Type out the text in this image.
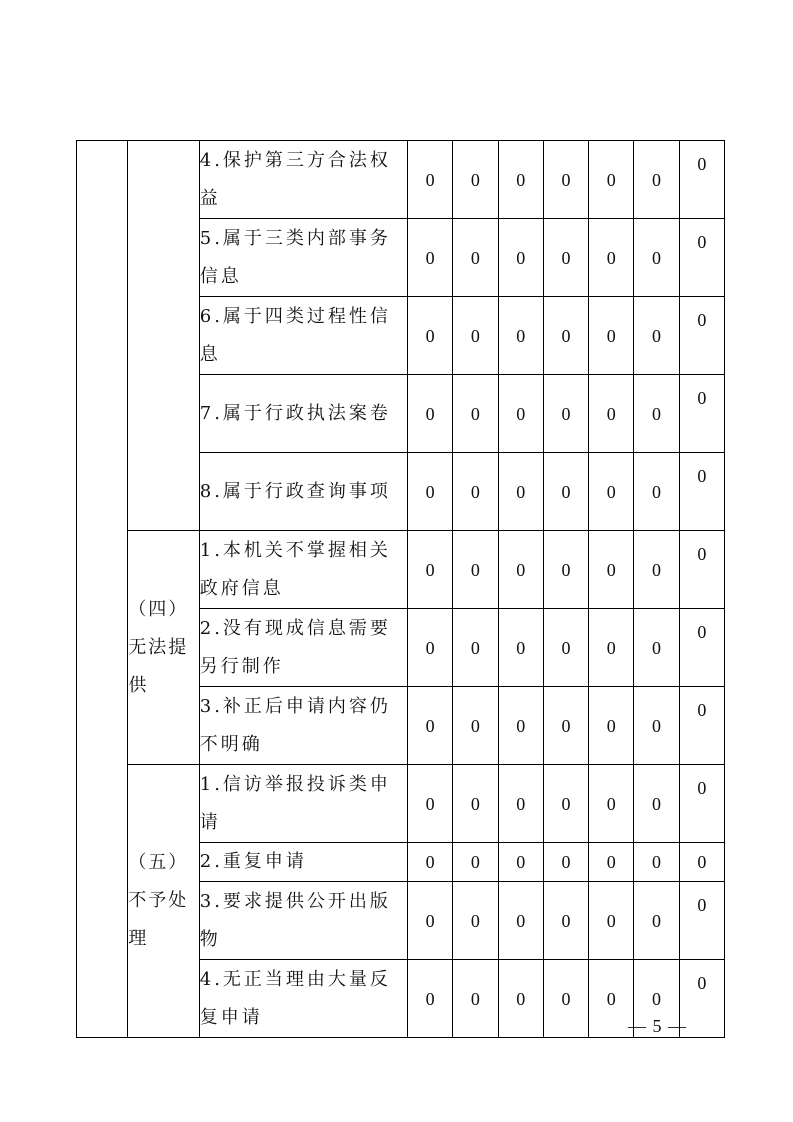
		4.保护第三方合法权益	0	0	0	0	0	0	0
		5.属于三类内部事务信息	0	0	0	0	0	0	0
		6.属于四类过程性信息	0	0	0	0	0	0	0
		7.属于行政执法案卷	0	0	0	0	0	0	0
		8.属于行政查询事项	0	0	0	0	0	0	0
	（四）无法提供	1.本机关不掌握相关政府信息	0	0	0	0	0	0	0
		2.没有现成信息需要另行制作	0	0	0	0	0	0	0
		3.补正后申请内容仍不明确	0	0	0	0	0	0	0
	（五）不予处理	1.信访举报投诉类申请	0	0	0	0	0	0	0
		2.重复申请	0	0	0	0	0	0	0
		3.要求提供公开出版物	0	0	0	0	0	0	0
		4.无正当理由大量反复申请	0	0	0	0	0	0	0
— 5 —
